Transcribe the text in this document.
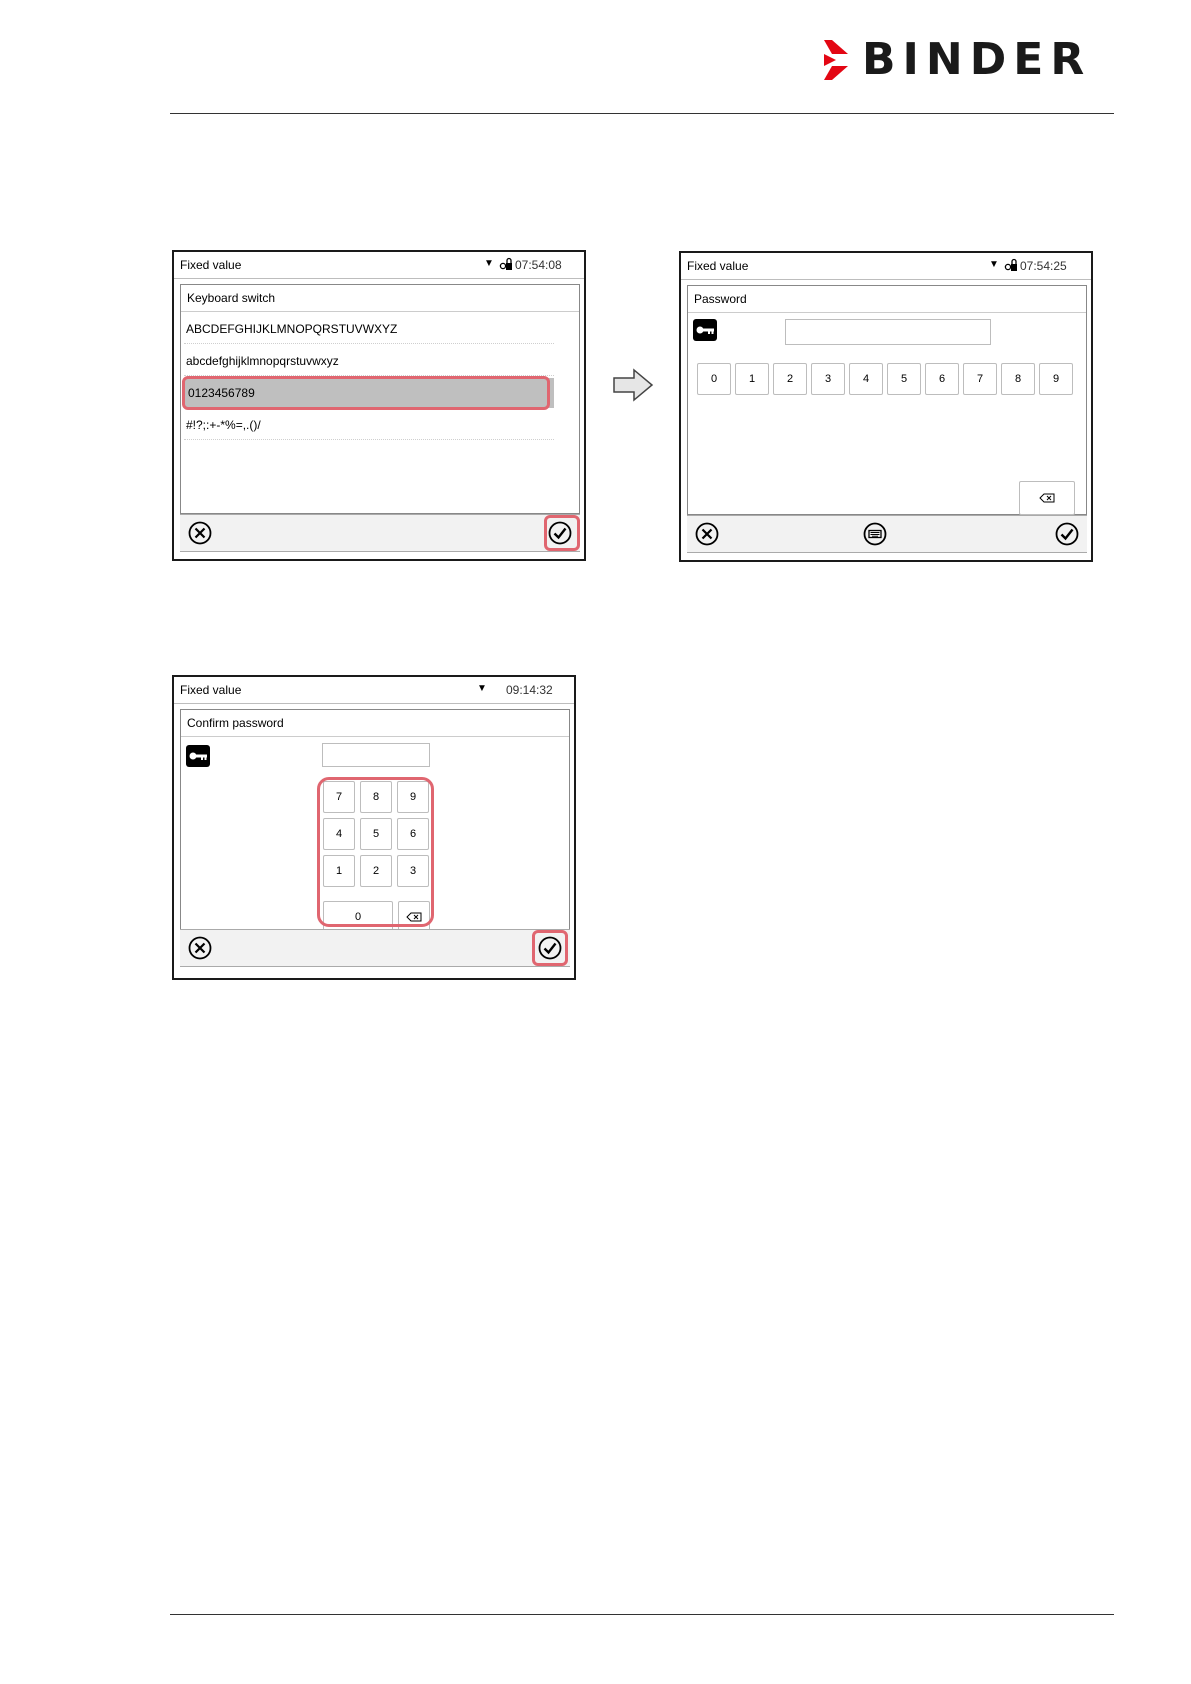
BINDER
Fixed value	▼ 07:54:08
Keyboard switch
ABCDEFGHIJKLMNOPQRSTUVWXYZ
abcdefghijklmnopqrstuvwxyz
0123456789
#!?;:+-*%=,.()/
Fixed value	▼ 07:54:25
Password
0	1	2	3	4	5	6	7	8	9
Fixed value	▼ 09:14:32
Confirm password
7	8	9
4	5	6
1	2	3
0
